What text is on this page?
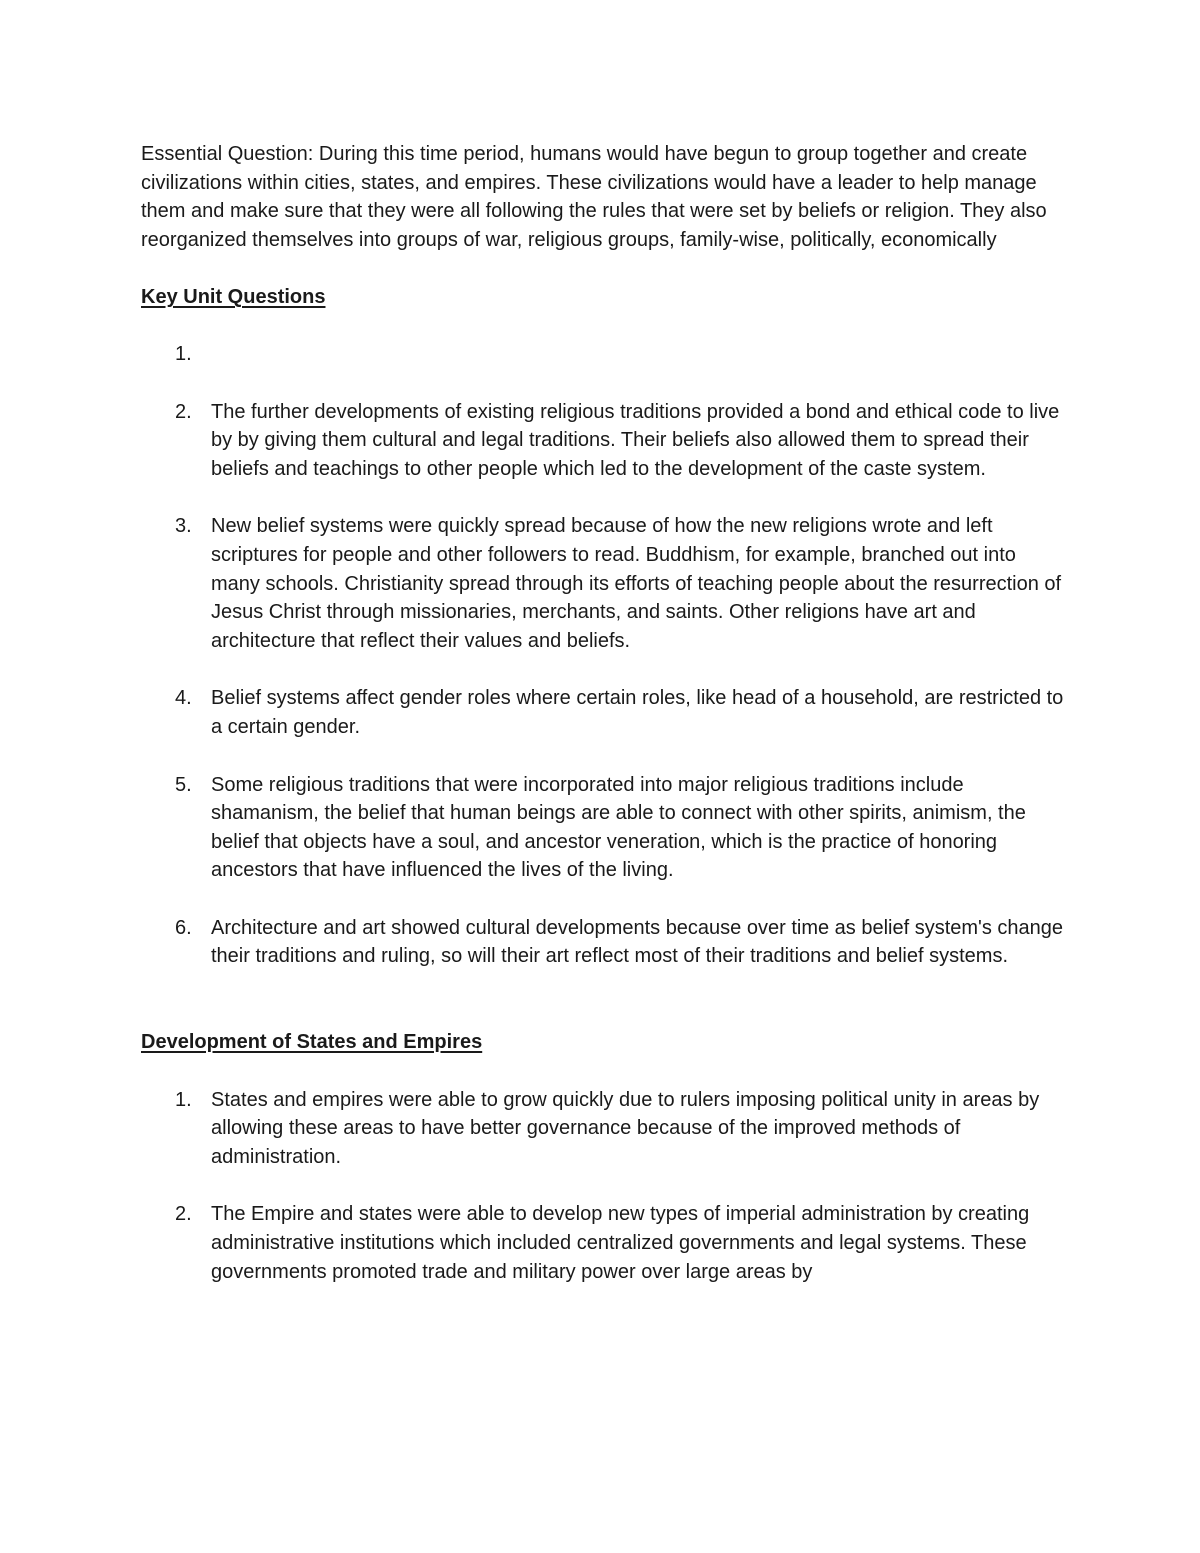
Essential Question: During this time period, humans would have begun to group together and create civilizations within cities, states, and empires. These civilizations would have a leader to help manage them and make sure that they were all following the rules that were set by beliefs or religion. They also reorganized themselves into groups of war, religious groups, family-wise, politically, economically

Key Unit Questions

1.
2. The further developments of existing religious traditions provided a bond and ethical code to live by by giving them cultural and legal traditions. Their beliefs also allowed them to spread their beliefs and teachings to other people which led to the development of the caste system.
3. New belief systems were quickly spread because of how the new religions wrote and left scriptures for people and other followers to read. Buddhism, for example, branched out into many schools. Christianity spread through its efforts of teaching people about the resurrection of Jesus Christ through missionaries, merchants, and saints. Other religions have art and architecture that reflect their values and beliefs.
4. Belief systems affect gender roles where certain roles, like head of a household, are restricted to a certain gender.
5. Some religious traditions that were incorporated into major religious traditions include shamanism, the belief that human beings are able to connect with other spirits, animism, the belief that objects have a soul, and ancestor veneration, which is the practice of honoring ancestors that have influenced the lives of the living.
6. Architecture and art showed cultural developments because over time as belief system's change their traditions and ruling, so will their art reflect most of their traditions and belief systems.

Development of States and Empires

1. States and empires were able to grow quickly due to rulers imposing political unity in areas by allowing these areas to have better governance because of the improved methods of administration.
2. The Empire and states were able to develop new types of imperial administration by creating administrative institutions which included centralized governments and legal systems. These governments promoted trade and military power over large areas by
